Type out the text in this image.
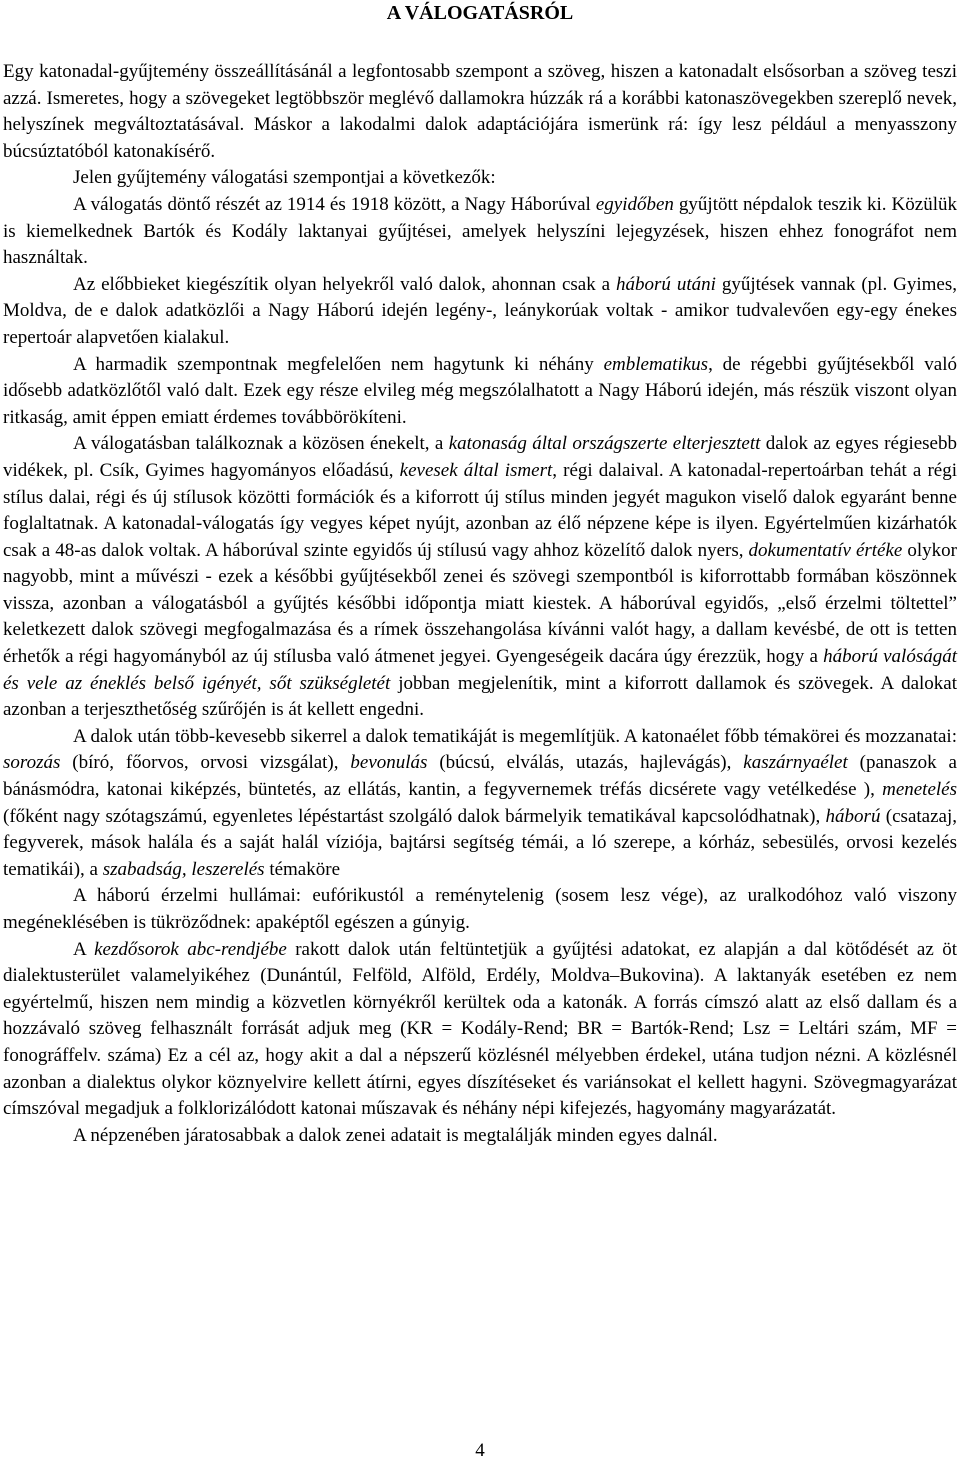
A VÁLOGATÁSRÓL

Egy katonadal-gyűjtemény összeállításánál a legfontosabb szempont a szöveg, hiszen a katonadalt elsősorban a szöveg teszi azzá. Ismeretes, hogy a szövegeket legtöbbször meglévő dallamokra húzzák rá a korábbi katonaszövegekben szereplő nevek, helyszínek megváltoztatásával. Máskor a lakodalmi dalok adaptációjára ismerünk rá: így lesz például a menyasszony búcsúztatóból katonakísérő.

Jelen gyűjtemény válogatási szempontjai a következők:

A válogatás döntő részét az 1914 és 1918 között, a Nagy Háborúval egyidőben gyűjtött népdalok teszik ki. Közülük is kiemelkednek Bartók és Kodály laktanyai gyűjtései, amelyek helyszíni lejegyzések, hiszen ehhez fonográfot nem használtak.

Az előbbieket kiegészítik olyan helyekről való dalok, ahonnan csak a háború utáni gyűjtések vannak (pl. Gyimes, Moldva, de e dalok adatközlői a Nagy Háború idején legény-, leánykorúak voltak - amikor tudvalevően egy-egy énekes repertoár alapvetően kialakul.

A harmadik szempontnak megfelelően nem hagytunk ki néhány emblematikus, de régebbi gyűjtésekből való idősebb adatközlőtől való dalt. Ezek egy része elvileg még megszólalhatott a Nagy Háború idején, más részük viszont olyan ritkaság, amit éppen emiatt érdemes továbbörökíteni.

A válogatásban találkoznak a közösen énekelt, a katonaság által országszerte elterjesztett dalok az egyes régiesebb vidékek, pl. Csík, Gyimes hagyományos előadású, kevesek által ismert, régi dalaival. A katonadal-repertoárban tehát a régi stílus dalai, régi és új stílusok közötti formációk és a kiforrott új stílus minden jegyét magukon viselő dalok egyaránt benne foglaltatnak. A katonadal-válogatás így vegyes képet nyújt, azonban az élő népzene képe is ilyen. Egyértelműen kizárhatók csak a 48-as dalok voltak. A háborúval szinte egyidős új stílusú vagy ahhoz közelítő dalok nyers, dokumentatív értéke olykor nagyobb, mint a művészi - ezek a későbbi gyűjtésekből zenei és szövegi szempontból is kiforrottabb formában köszönnek vissza, azonban a válogatásból a gyűjtés későbbi időpontja miatt kiestek. A háborúval egyidős, „első érzelmi töltettel” keletkezett dalok szövegi megfogalmazása és a rímek összehangolása kívánni valót hagy, a dallam kevésbé, de ott is tetten érhetők a régi hagyományból az új stílusba való átmenet jegyei. Gyengeségeik dacára úgy érezzük, hogy a háború valóságát és vele az éneklés belső igényét, sőt szükségletét jobban megjelenítik, mint a kiforrott dallamok és szövegek. A dalokat azonban a terjeszthetőség szűrőjén is át kellett engedni.

A dalok után több-kevesebb sikerrel a dalok tematikáját is megemlítjük. A katonaélet főbb témakörei és mozzanatai: sorozás (bíró, főorvos, orvosi vizsgálat), bevonulás (búcsú, elválás, utazás, hajlevágás), kaszárnyaélet (panaszok a bánásmódra, katonai kiképzés, büntetés, az ellátás, kantin, a fegyvernemek tréfás dicsérete vagy vetélkedése ), menetelés (főként nagy szótagszámú, egyenletes lépéstartást szolgáló dalok bármelyik tematikával kapcsolódhatnak), háború (csatazaj, fegyverek, mások halála és a saját halál víziója, bajtársi segítség témái, a ló szerepe, a kórház, sebesülés, orvosi kezelés tematikái), a szabadság, leszerelés témaköre

A háború érzelmi hullámai: eufórikustól a reménytelenig (sosem lesz vége), az uralkodóhoz való viszony megéneklésében is tükröződnek: apaképtől egészen a gúnyig.

A kezdősorok abc-rendjébe rakott dalok után feltüntetjük a gyűjtési adatokat, ez alapján a dal kötődését az öt dialektusterület valamelyikéhez (Dunántúl, Felföld, Alföld, Erdély, Moldva–Bukovina). A laktanyák esetében ez nem egyértelmű, hiszen nem mindig a közvetlen környékről kerültek oda a katonák. A forrás címszó alatt az első dallam és a hozzávaló szöveg felhasznált forrását adjuk meg (KR = Kodály-Rend; BR = Bartók-Rend; Lsz = Leltári szám, MF = fonográffelv. száma) Ez a cél az, hogy akit a dal a népszerű közlésnél mélyebben érdekel, utána tudjon nézni. A közlésnél azonban a dialektus olykor köznyelvire kellett átírni, egyes díszítéseket és variánsokat el kellett hagyni. Szövegmagyarázat címszóval megadjuk a folklorizálódott katonai műszavak és néhány népi kifejezés, hagyomány magyarázatát.

A népzenében járatosabbak a dalok zenei adatait is megtalálják minden egyes dalnál.

4
